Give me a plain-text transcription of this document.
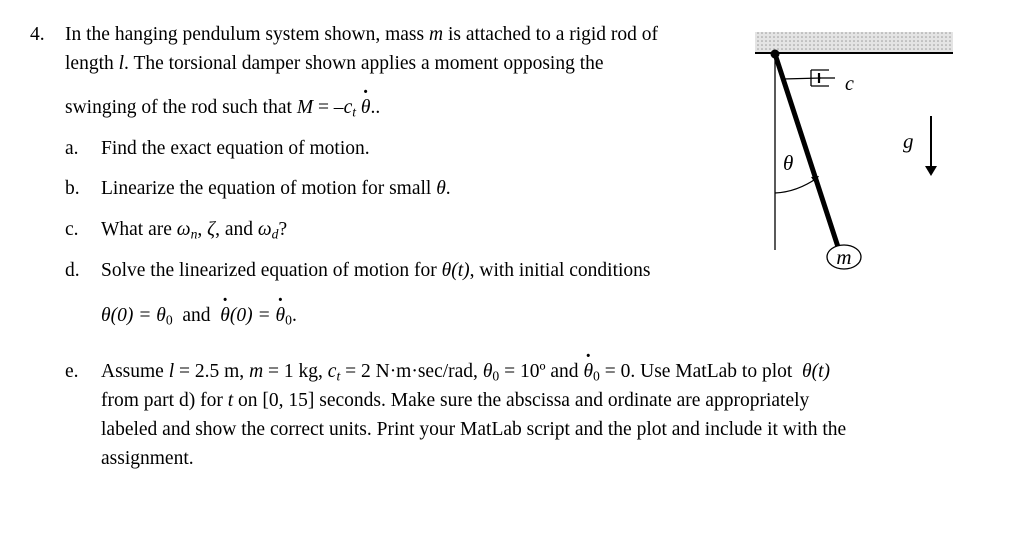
4. In the hanging pendulum system shown, mass m is attached to a rigid rod of
length l. The torsional damper shown applies a moment opposing the
swinging of the rod such that $M = -c_t \cdot \theta$..
a. Find the exact equation of motion.
b. Linearize the equation of motion for small θ.
c. What are $\omega_n$, ζ, and $\omega_d$?
d. Solve the linearized equation of motion for θ(t), with initial conditions
$\theta(0) = \theta_0$  and  · θ(0) = · $\theta_0$.
e. Assume l = 2.5 m, m = 1 kg, $c_t = 2$ N·m·sec/rad, $\theta_0$ = 10º and · $\theta_0 = 0$. Use MatLab to plot  θ(t)
from part d) for t on [0, 15] seconds. Make sure the abscissa and ordinate are appropriately
labeled and show the correct units. Print your MatLab script and the plot and include it with the
assignment.
c
θ
g
m
